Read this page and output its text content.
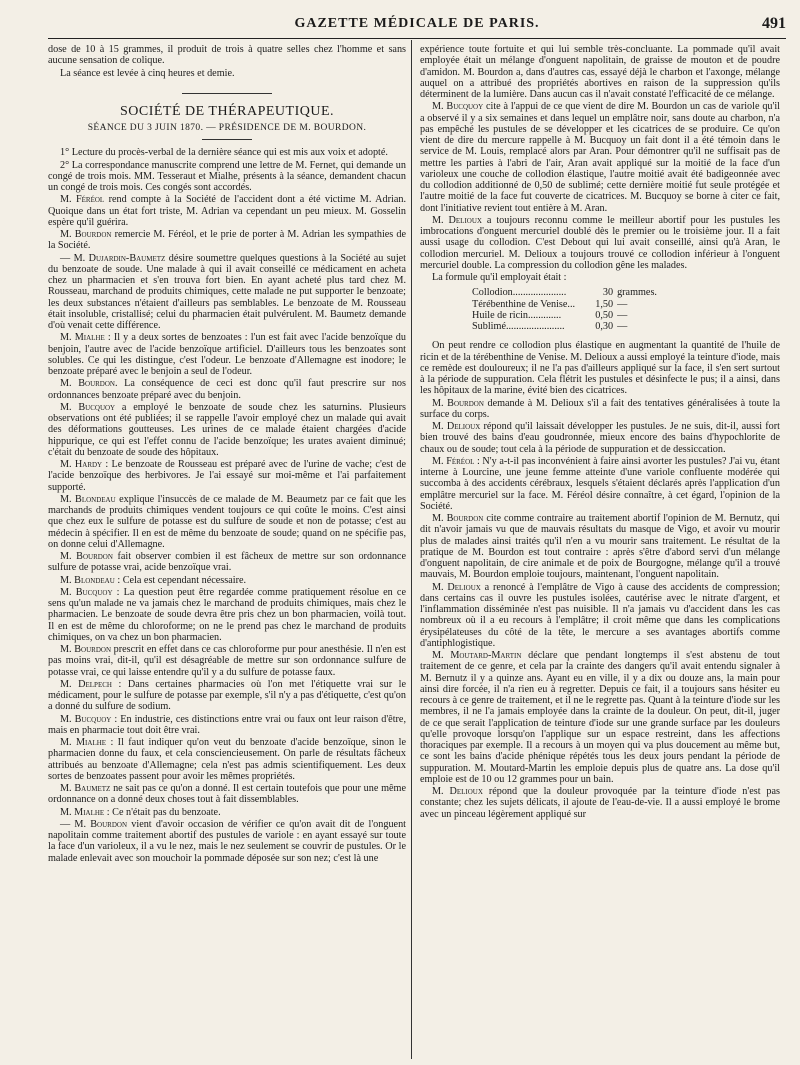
GAZETTE MÉDICALE DE PARIS.	491

dose de 10 à 15 grammes, il produit de trois à quatre selles chez l'homme et sans aucune sensation de colique.

La séance est levée à cinq heures et demie.

SOCIÉTÉ DE THÉRAPEUTIQUE.
SÉANCE DU 3 JUIN 1870. — PRÉSIDENCE DE M. BOURDON.

1° Lecture du procès-verbal de la dernière séance qui est mis aux voix et adopté.

2° La correspondance manuscrite comprend une lettre de M. Fernet, qui demande un congé de trois mois. MM. Tesseraut et Mialhe, présents à la séance, demandent chacun un congé de trois mois. Ces congés sont accordés.

M. Féréol rend compte à la Société de l'accident dont a été victime M. Adrian. Quoique dans un état fort triste, M. Adrian va cependant un peu mieux. M. Gosselin espère qu'il guérira.

M. Bourdon remercie M. Féréol, et le prie de porter à M. Adrian les sympathies de la Société.

— M. Dujardin-Baumetz désire soumettre quelques questions à la Société au sujet du benzoate de soude. Une malade à qui il avait conseillé ce médicament en acheta chez un pharmacien et s'en trouva fort bien. En ayant acheté plus tard chez M. Rousseau, marchand de produits chimiques, cette malade ne put supporter le benzoate; les deux substances n'étaient d'ailleurs pas semblables. Le benzoate de M. Rousseau était insoluble, cristallisé; celui du pharmacien était pulvérulent. M. Baumetz demande d'où venait cette différence.

M. Mialhe : Il y a deux sortes de benzoates : l'un est fait avec l'acide benzoïque du benjoin, l'autre avec de l'acide benzoïque artificiel. D'ailleurs tous les benzoates sont solubles. Ce qui les distingue, c'est l'odeur. Le benzoate d'Allemagne est inodore; le benzoate préparé avec le benjoin a seul de l'odeur.

M. Bourdon. La conséquence de ceci est donc qu'il faut prescrire sur nos ordonnances benzoate préparé avec du benjoin.

M. Bucquoy a employé le benzoate de soude chez les saturnins. Plusieurs observations ont été publiées; il se rappelle l'avoir employé chez un malade qui avait des déformations goutteuses. Les urines de ce malade étaient chargées d'acide hippurique, ce qui est l'effet connu de l'acide benzoïque; les urates avaient diminué; c'était du benzoate de soude des hôpitaux.

M. Hardy : Le benzoate de Rousseau est préparé avec de l'urine de vache; c'est de l'acide benzoïque des herbivores. Je l'ai essayé sur moi-même et l'ai parfaitement supporté.

M. Blondeau explique l'insuccès de ce malade de M. Beaumetz par ce fait que les marchands de produits chimiques vendent toujours ce qui coûte le moins. C'est ainsi que chez eux le sulfure de potasse est du sulfure de soude et non de potasse; c'est au médecin à spécifier. Il en est de même du benzoate de soude; quand on ne spécifie pas, on donne celui d'Allemagne.

M. Bourdon fait observer combien il est fâcheux de mettre sur son ordonnance sulfure de potasse vrai, acide benzoïque vrai.

M. Blondeau : Cela est cependant nécessaire.

M. Bucquoy : La question peut être regardée comme pratiquement résolue en ce sens qu'un malade ne va jamais chez le marchand de produits chimiques, mais chez le pharmacien. Le benzoate de soude devra être pris chez un bon pharmacien, voilà tout. Il en est de même du chloroforme; on ne le prend pas chez le marchand de produits chimiques, on va chez un bon pharmacien.

M. Bourdon prescrit en effet dans ce cas chloroforme pur pour anesthésie. Il n'en est pas moins vrai, dit-il, qu'il est désagréable de mettre sur son ordonnance sulfure de potasse vrai, ce qui laisse entendre qu'il y a du sulfure de potasse faux.

M. Delpech : Dans certaines pharmacies où l'on met l'étiquette vrai sur le médicament, pour le sulfure de potasse par exemple, s'il n'y a pas d'étiquette, c'est qu'on a donné du sulfure de sodium.

M. Bucquoy : En industrie, ces distinctions entre vrai ou faux ont leur raison d'être, mais en pharmacie tout doit être vrai.

M. Mialhe : Il faut indiquer qu'on veut du benzoate d'acide benzoïque, sinon le pharmacien donne du faux, et cela consciencieusement. On parle de résultats fâcheux attribués au benzoate d'Allemagne; cela n'est pas admis scientifiquement. Les deux sortes de benzoates passent pour avoir les mêmes propriétés.

M. Baumetz ne sait pas ce qu'on a donné. Il est certain toutefois que pour une même ordonnance on a donné deux choses tout à fait dissemblables.

M. Mialhe : Ce n'était pas du benzoate.

— M. Bourdon vient d'avoir occasion de vérifier ce qu'on avait dit de l'onguent napolitain comme traitement abortif des pustules de variole : en ayant essayé sur toute la face d'un varioleux, il a vu le nez, mais le nez seulement se couvrir de pustules. Or le malade enlevait avec son mouchoir la pommade déposée sur son nez; c'est là une

expérience toute fortuite et qui lui semble très-concluante. La pommade qu'il avait employée était un mélange d'onguent napolitain, de graisse de mouton et de poudre d'amidon. M. Bourdon a, dans d'autres cas, essayé déjà le charbon et l'axonge, mélange auquel on a attribué des propriétés abortives en raison de la suppression qu'ils déterminent de la lumière. Dans aucun cas il n'avait constaté l'efficacité de ce mélange.

M. Bucquoy cite à l'appui de ce que vient de dire M. Bourdon un cas de variole qu'il a observé il y a six semaines et dans lequel un emplâtre noir, sans doute au charbon, n'a pas empêché les pustules de se développer et les cicatrices de se produire. Ce qu'on vient de dire du mercure rappelle à M. Bucquoy un fait dont il a été témoin dans le service de M. Louis, remplacé alors par Aran. Pour démontrer qu'il ne suffisait pas de mettre les parties à l'abri de l'air, Aran avait appliqué sur la moitié de la face d'un varioleux une couche de collodion élastique, l'autre moitié avait été badigeonnée avec du collodion additionné de 0,50 de sublimé; cette dernière moitié fut seule protégée et l'autre moitié de la face fut couverte de cicatrices. M. Bucquoy se borne à citer ce fait, dont l'initiative revient tout entière à M. Aran.

M. Delioux a toujours reconnu comme le meilleur abortif pour les pustules les imbrocations d'onguent mercuriel doublé dès le premier ou le troisième jour. Il a fait aussi usage du collodion. C'est Debout qui lui avait conseillé, ainsi qu'à Aran, le collodion mercuriel. M. Delioux a toujours trouvé ce collodion inférieur à l'onguent mercuriel double. La compression du collodion gêne les malades.

La formule qu'il employait était :

Collodion.....................	30	grammes.
Térébenthine de Venise...	1,50	—
Huile de ricin.............	0,50	—
Sublimé.......................	0,30	—

On peut rendre ce collodion plus élastique en augmentant la quantité de l'huile de ricin et de la térébenthine de Venise. M. Delioux a aussi employé la teinture d'iode, mais ce remède est douloureux; il ne l'a pas d'ailleurs appliqué sur la face, il s'en sert surtout à la période de suppuration. Cela flétrit les pustules et désinfecte le pus; il a ainsi, dans les hôpitaux de la marine, évité bien des cicatrices.

M. Bourdon demande à M. Delioux s'il a fait des tentatives généralisées à toute la surface du corps.

M. Delioux répond qu'il laissait développer les pustules. Je ne suis, dit-il, aussi fort bien trouvé des bains d'eau goudronnée, mieux encore des bains d'hypochlorite de chaux ou de soude; tout cela à la période de suppuration et de dessiccation.

M. Féréol : N'y a-t-il pas inconvénient à faire ainsi avorter les pustules? J'ai vu, étant interne à Lourcine, une jeune femme atteinte d'une variole confluente modérée qui succomba à des accidents cérébraux, lesquels s'étaient déclarés après l'application d'un emplâtre mercuriel sur la face. M. Féréol désire connaître, à cet égard, l'opinion de la Société.

M. Bourdon cite comme contraire au traitement abortif l'opinion de M. Bernutz, qui dit n'avoir jamais vu que de mauvais résultats du masque de Vigo, et avoir vu mourir plus de malades ainsi traités qu'il n'en a vu mourir sans traitement. Le résultat de la pratique de M. Bourdon est tout contraire : après s'être d'abord servi d'un mélange d'onguent napolitain, de cire animale et de poix de Bourgogne, mélange qu'il a trouvé mauvais, M. Bourdon emploie toujours, maintenant, l'onguent napolitain.

M. Delioux a renoncé à l'emplâtre de Vigo à cause des accidents de compression; dans certains cas il ouvre les pustules isolées, cautérise avec le nitrate d'argent, et l'inflammation disséminée n'est pas nuisible. Il n'a jamais vu d'accident dans les cas nombreux où il a eu recours à l'emplâtre; il croit même que dans les complications érysipélateuses du côté de la tête, le mercure a ses avantages abortifs comme d'antiphlogistique.

M. Moutard-Martin déclare que pendant longtemps il s'est abstenu de tout traitement de ce genre, et cela par la crainte des dangers qu'il avait entendu signaler à M. Bernutz il y a quinze ans. Ayant eu en ville, il y a dix ou douze ans, la main pour ainsi dire forcée, il n'a rien eu à regretter. Depuis ce fait, il a toujours sans hésiter eu recours à ce genre de traitement, et il ne le regrette pas. Quant à la teinture d'iode sur les membres, il ne l'a jamais employée dans la crainte de la douleur. On peut, dit-il, juger de ce que serait l'application de teinture d'iode sur une grande surface par les douleurs qu'elle provoque lorsqu'on l'applique sur un espace restreint, dans les affections thoraciques par exemple. Il a recours à un moyen qui va plus doucement au même but, ce sont les bains d'acide phénique répétés tous les deux jours pendant la période de suppuration. M. Moutard-Martin les emploie depuis plus de quatre ans. La dose qu'il emploie est de 10 ou 12 grammes pour un bain.

M. Delioux répond que la douleur provoquée par la teinture d'iode n'est pas constante; chez les sujets délicats, il ajoute de l'eau-de-vie. Il a aussi employé le brome avec un pinceau légèrement appliqué sur
